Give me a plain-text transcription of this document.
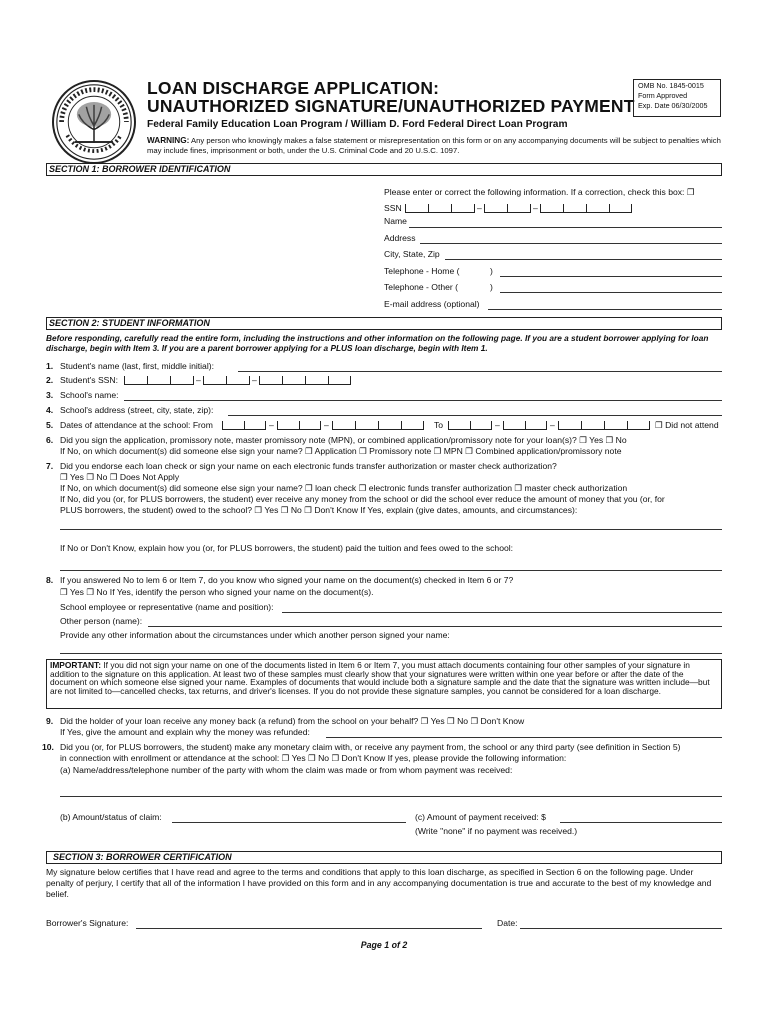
LOAN DISCHARGE APPLICATION:
UNAUTHORIZED SIGNATURE/UNAUTHORIZED PAYMENT
Federal Family Education Loan Program / William D. Ford Federal Direct Loan Program
WARNING: Any person who knowingly makes a false statement or misrepresentation on this form or on any accompanying documents will be subject to penalties which may include fines, imprisonment or both, under the U.S. Criminal Code and 20 U.S.C. 1097.
OMB No. 1845-0015
Form Approved
Exp. Date 06/30/2005
SECTION 1: BORROWER IDENTIFICATION
Please enter or correct the following information. If a correction, check this box: ❐
SSN	–	–
Name
Address
City, State, Zip
Telephone - Home (	)
Telephone - Other (	)
E-mail address (optional)
SECTION 2: STUDENT INFORMATION
Before responding, carefully read the entire form, including the instructions and other information on the following page. If you are a student borrower applying for loan discharge, begin with Item 3. If you are a parent borrower applying for a PLUS loan discharge, begin with Item 1.
1. Student's name (last, first, middle initial):
2. Student's SSN:	–	–
3. School's name:
4. School's address (street, city, state, zip):
5. Dates of attendance at the school: From	–	–	To	–	–	❐ Did not attend
6. Did you sign the application, promissory note, master promissory note (MPN), or combined application/promissory note for your loan(s)? ❐ Yes ❐ No
If No, on which document(s) did someone else sign your name? ❐ Application ❐ Promissory note ❐ MPN ❐ Combined application/promissory note
7. Did you endorse each loan check or sign your name on each electronic funds transfer authorization or master check authorization?
❐ Yes ❐ No ❐ Does Not Apply
If No, on which document(s) did someone else sign your name? ❐ loan check ❐ electronic funds transfer authorization ❐ master check authorization
If No, did you (or, for PLUS borrowers, the student) ever receive any money from the school or did the school ever reduce the amount of money that you (or, for
PLUS borrowers, the student) owed to the school? ❐ Yes ❐ No ❐ Don't Know If Yes, explain (give dates, amounts, and circumstances):
If No or Don't Know, explain how you (or, for PLUS borrowers, the student) paid the tuition and fees owed to the school:
8. If you answered No to lem 6 or Item 7, do you know who signed your name on the document(s) checked in Item 6 or 7?
❐ Yes ❐ No If Yes, identify the person who signed your name on the document(s).
School employee or representative (name and position):
Other person (name):
Provide any other information about the circumstances under which another person signed your name:
IMPORTANT: If you did not sign your name on one of the documents listed in Item 6 or Item 7, you must attach documents containing four other samples of your signature in addition to the signature on this application. At least two of these samples must clearly show that your signatures were written within one year before or after the date of the document on which someone else signed your name. Examples of documents that would include both a signature sample and the date that the signature was written include—but are not limited to—cancelled checks, tax returns, and driver's licenses. If you do not provide these signature samples, you cannot be considered for a loan discharge.
9. Did the holder of your loan receive any money back (a refund) from the school on your behalf? ❐ Yes ❐ No ❐ Don't Know
If Yes, give the amount and explain why the money was refunded:
10. Did you (or, for PLUS borrowers, the student) make any monetary claim with, or receive any payment from, the school or any third party (see definition in Section 5)
in connection with enrollment or attendance at the school: ❐ Yes ❐ No ❐ Don't Know If yes, please provide the following information:
(a) Name/address/telephone number of the party with whom the claim was made or from whom payment was received:
(b) Amount/status of claim:	(c) Amount of payment received: $
(Write "none" if no payment was received.)
SECTION 3: BORROWER CERTIFICATION
My signature below certifies that I have read and agree to the terms and conditions that apply to this loan discharge, as specified in Section 6 on the following page. Under penalty of perjury, I certify that all of the information I have provided on this form and in any accompanying documentation is true and accurate to the best of my knowledge and belief.
Borrower's Signature:	Date:
Page 1 of 2
